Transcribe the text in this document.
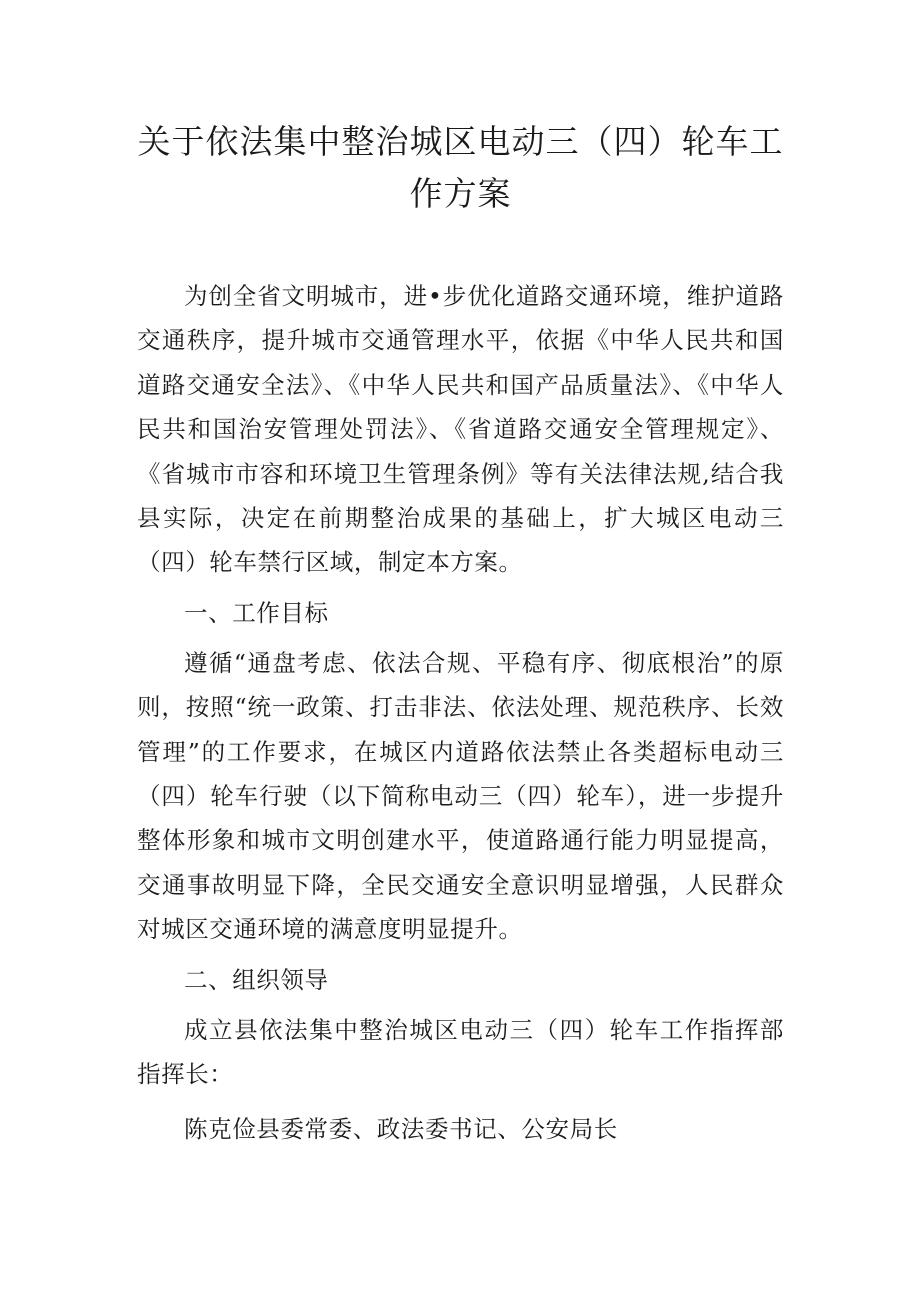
关于依法集中整治城区电动三（四）轮车工
作方案

为创全省文明城市，进•步优化道路交通环境，维护道路交通秩序，提升城市交通管理水平，依据《中华人民共和国道路交通安全法》、《中华人民共和国产品质量法》、《中华人民共和国治安管理处罚法》、《省道路交通安全管理规定》、《省城市市容和环境卫生管理条例》等有关法律法规,结合我县实际，决定在前期整治成果的基础上，扩大城区电动三（四）轮车禁行区域，制定本方案。

一、工作目标

遵循“通盘考虑、依法合规、平稳有序、彻底根治”的原则，按照“统一政策、打击非法、依法处理、规范秩序、长效管理”的工作要求，在城区内道路依法禁止各类超标电动三（四）轮车行驶（以下简称电动三（四）轮车），进一步提升整体形象和城市文明创建水平，使道路通行能力明显提高，交通事故明显下降，全民交通安全意识明显增强，人民群众对城区交通环境的满意度明显提升。

二、组织领导

成立县依法集中整治城区电动三（四）轮车工作指挥部指挥长：

陈克俭县委常委、政法委书记、公安局长
